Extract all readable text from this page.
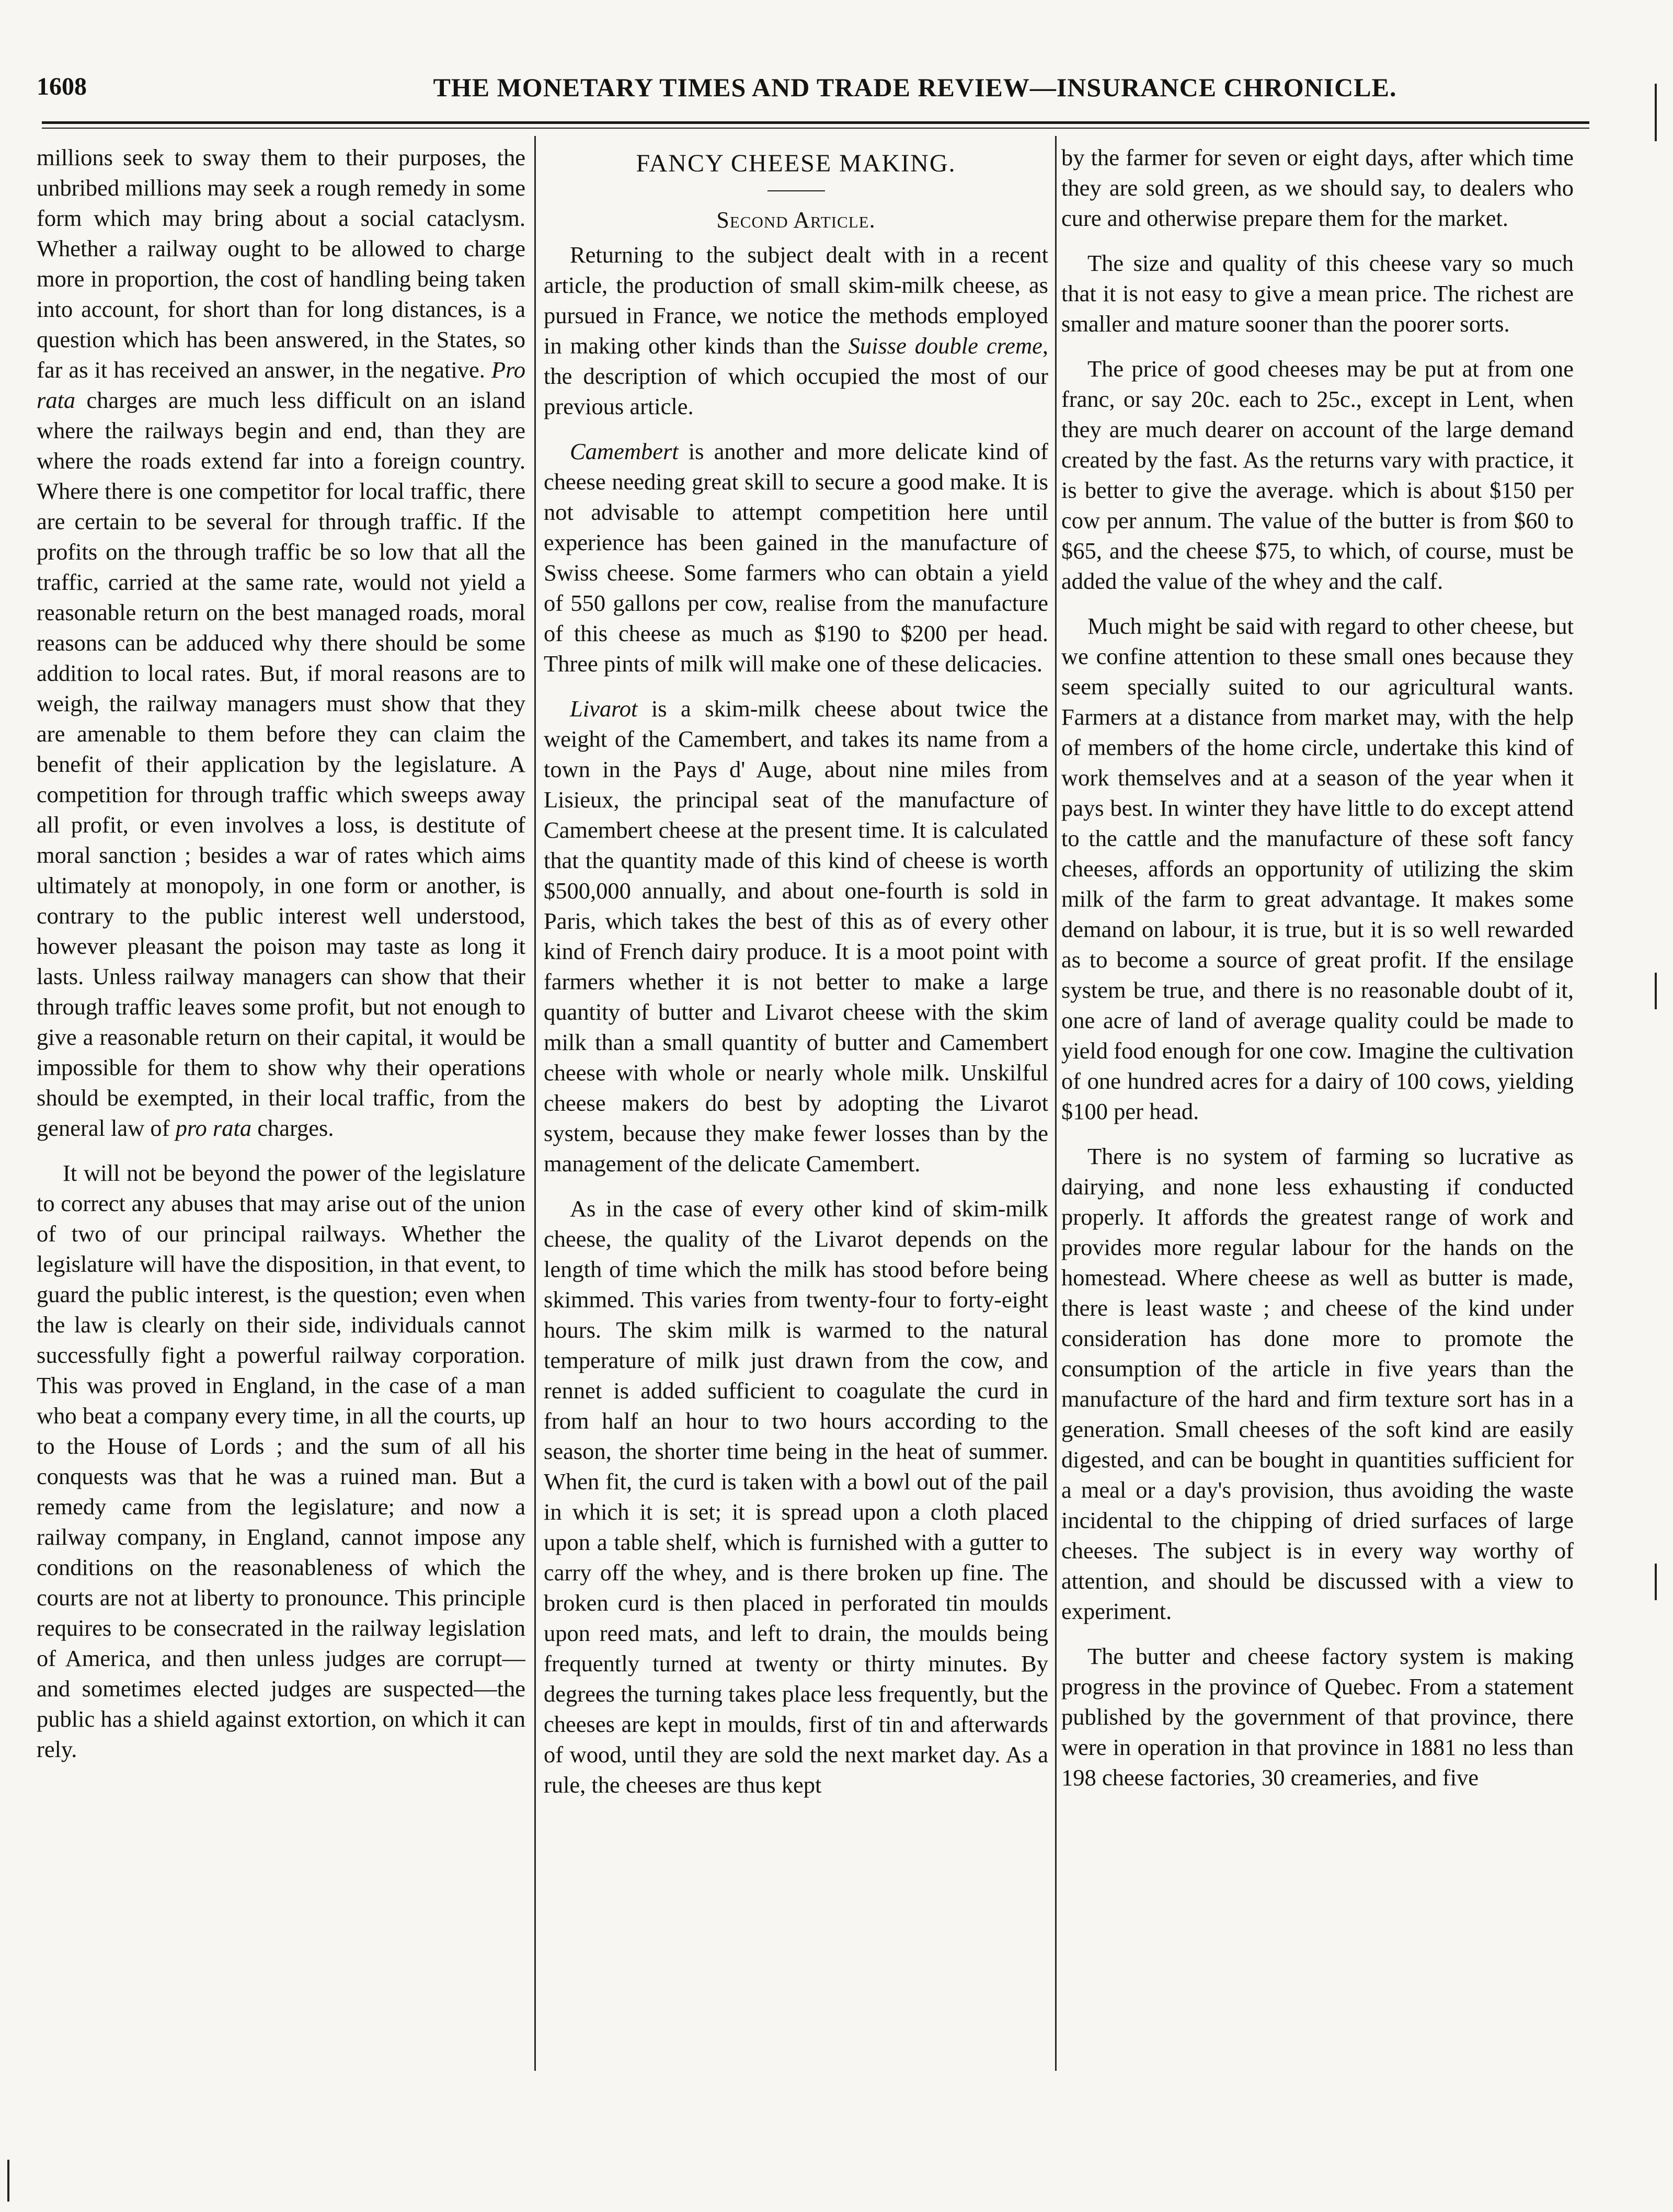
1608	THE MONETARY TIMES AND TRADE REVIEW—INSURANCE CHRONICLE.

millions seek to sway them to their purposes, the unbribed millions may seek a rough remedy in some form which may bring about a social cataclysm. Whether a railway ought to be allowed to charge more in proportion, the cost of handling being taken into account, for short than for long distances, is a question which has been answered, in the States, so far as it has received an answer, in the negative. Pro rata charges are much less difficult on an island where the railways begin and end, than they are where the roads extend far into a foreign country. Where there is one competitor for local traffic, there are certain to be several for through traffic. If the profits on the through traffic be so low that all the traffic, carried at the same rate, would not yield a reasonable return on the best managed roads, moral reasons can be adduced why there should be some addition to local rates. But, if moral reasons are to weigh, the railway managers must show that they are amenable to them before they can claim the benefit of their application by the legislature. A competition for through traffic which sweeps away all profit, or even involves a loss, is destitute of moral sanction ; besides a war of rates which aims ultimately at monopoly, in one form or another, is contrary to the public interest well understood, however pleasant the poison may taste as long it lasts. Unless railway managers can show that their through traffic leaves some profit, but not enough to give a reasonable return on their capital, it would be impossible for them to show why their operations should be exempted, in their local traffic, from the general law of pro rata charges.

It will not be beyond the power of the legislature to correct any abuses that may arise out of the union of two of our principal railways. Whether the legislature will have the disposition, in that event, to guard the public interest, is the question; even when the law is clearly on their side, individuals cannot successfully fight a powerful railway corporation. This was proved in England, in the case of a man who beat a company every time, in all the courts, up to the House of Lords ; and the sum of all his conquests was that he was a ruined man. But a remedy came from the legislature; and now a railway company, in England, cannot impose any conditions on the reasonableness of which the courts are not at liberty to pronounce. This principle requires to be consecrated in the railway legislation of America, and then unless judges are corrupt—and sometimes elected judges are suspected—the public has a shield against extortion, on which it can rely.

FANCY CHEESE MAKING.
Second Article.

Returning to the subject dealt with in a recent article, the production of small skim-milk cheese, as pursued in France, we notice the methods employed in making other kinds than the Suisse double creme, the description of which occupied the most of our previous article.

Camembert is another and more delicate kind of cheese needing great skill to secure a good make. It is not advisable to attempt competition here until experience has been gained in the manufacture of Swiss cheese. Some farmers who can obtain a yield of 550 gallons per cow, realise from the manufacture of this cheese as much as $190 to $200 per head. Three pints of milk will make one of these delicacies.

Livarot is a skim-milk cheese about twice the weight of the Camembert, and takes its name from a town in the Pays d' Auge, about nine miles from Lisieux, the principal seat of the manufacture of Camembert cheese at the present time. It is calculated that the quantity made of this kind of cheese is worth $500,000 annually, and about one-fourth is sold in Paris, which takes the best of this as of every other kind of French dairy produce. It is a moot point with farmers whether it is not better to make a large quantity of butter and Livarot cheese with the skim milk than a small quantity of butter and Camembert cheese with whole or nearly whole milk. Unskilful cheese makers do best by adopting the Livarot system, because they make fewer losses than by the management of the delicate Camembert.

As in the case of every other kind of skim-milk cheese, the quality of the Livarot depends on the length of time which the milk has stood before being skimmed. This varies from twenty-four to forty-eight hours. The skim milk is warmed to the natural temperature of milk just drawn from the cow, and rennet is added sufficient to coagulate the curd in from half an hour to two hours according to the season, the shorter time being in the heat of summer. When fit, the curd is taken with a bowl out of the pail in which it is set; it is spread upon a cloth placed upon a table shelf, which is furnished with a gutter to carry off the whey, and is there broken up fine. The broken curd is then placed in perforated tin moulds upon reed mats, and left to drain, the moulds being frequently turned at twenty or thirty minutes. By degrees the turning takes place less frequently, but the cheeses are kept in moulds, first of tin and afterwards of wood, until they are sold the next market day. As a rule, the cheeses are thus kept

by the farmer for seven or eight days, after which time they are sold green, as we should say, to dealers who cure and otherwise prepare them for the market.

The size and quality of this cheese vary so much that it is not easy to give a mean price. The richest are smaller and mature sooner than the poorer sorts.

The price of good cheeses may be put at from one franc, or say 20c. each to 25c., except in Lent, when they are much dearer on account of the large demand created by the fast. As the returns vary with practice, it is better to give the average. which is about $150 per cow per annum. The value of the butter is from $60 to $65, and the cheese $75, to which, of course, must be added the value of the whey and the calf.

Much might be said with regard to other cheese, but we confine attention to these small ones because they seem specially suited to our agricultural wants. Farmers at a distance from market may, with the help of members of the home circle, undertake this kind of work themselves and at a season of the year when it pays best. In winter they have little to do except attend to the cattle and the manufacture of these soft fancy cheeses, affords an opportunity of utilizing the skim milk of the farm to great advantage. It makes some demand on labour, it is true, but it is so well rewarded as to become a source of great profit. If the ensilage system be true, and there is no reasonable doubt of it, one acre of land of average quality could be made to yield food enough for one cow. Imagine the cultivation of one hundred acres for a dairy of 100 cows, yielding $100 per head.

There is no system of farming so lucrative as dairying, and none less exhausting if conducted properly. It affords the greatest range of work and provides more regular labour for the hands on the homestead. Where cheese as well as butter is made, there is least waste ; and cheese of the kind under consideration has done more to promote the consumption of the article in five years than the manufacture of the hard and firm texture sort has in a generation. Small cheeses of the soft kind are easily digested, and can be bought in quantities sufficient for a meal or a day's provision, thus avoiding the waste incidental to the chipping of dried surfaces of large cheeses. The subject is in every way worthy of attention, and should be discussed with a view to experiment.

The butter and cheese factory system is making progress in the province of Quebec. From a statement published by the government of that province, there were in operation in that province in 1881 no less than 198 cheese factories, 30 creameries, and five
